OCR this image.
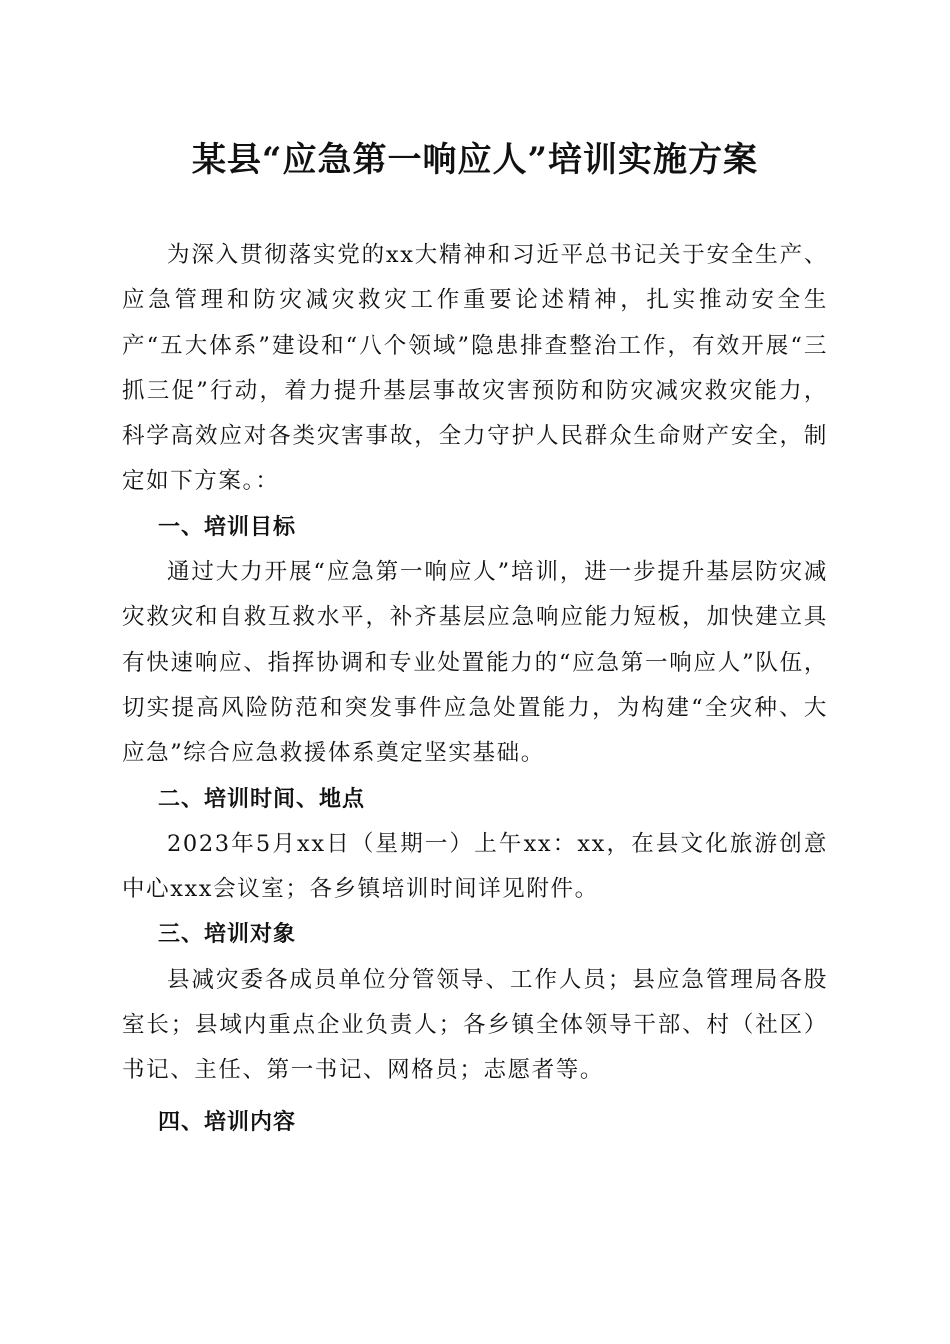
某县“应急第一响应人”培训实施方案

为深入贯彻落实党的xx大精神和习近平总书记关于安全生产、应急管理和防灾减灾救灾工作重要论述精神，扎实推动安全生产“五大体系”建设和“八个领域”隐患排查整治工作，有效开展“三抓三促”行动，着力提升基层事故灾害预防和防灾减灾救灾能力，科学高效应对各类灾害事故，全力守护人民群众生命财产安全，制定如下方案。：

一、培训目标

通过大力开展“应急第一响应人”培训，进一步提升基层防灾减灾救灾和自救互救水平，补齐基层应急响应能力短板，加快建立具有快速响应、指挥协调和专业处置能力的“应急第一响应人”队伍，切实提高风险防范和突发事件应急处置能力，为构建“全灾种、大应急”综合应急救援体系奠定坚实基础。

二、培训时间、地点

2023年5月xx日（星期一）上午xx：xx，在县文化旅游创意中心xxx会议室；各乡镇培训时间详见附件。

三、培训对象

县减灾委各成员单位分管领导、工作人员；县应急管理局各股室长；县域内重点企业负责人；各乡镇全体领导干部、村（社区）书记、主任、第一书记、网格员；志愿者等。

四、培训内容
